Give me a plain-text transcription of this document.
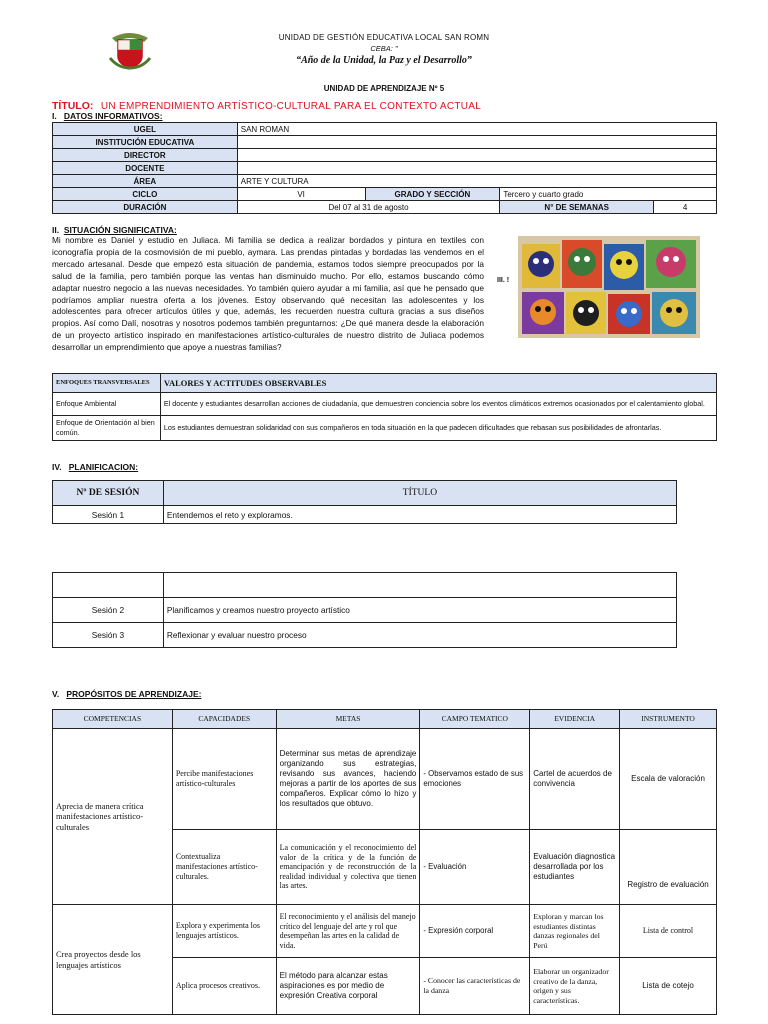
UNIDAD DE GESTIÓN EDUCATIVA LOCAL SAN ROMN
CEBA: "
“Año de la Unidad, la Paz y el Desarrollo”
UNIDAD DE APRENDIZAJE Nº 5
TÍTULO: UN EMPRENDIMIENTO ARTÍSTICO-CULTURAL PARA EL CONTEXTO ACTUAL
I. DATOS INFORMATIVOS:
UGEL	SAN ROMAN			
INSTITUCIÓN EDUCATIVA				
DIRECTOR				
DOCENTE				
ÁREA	ARTE Y CULTURA			
CICLO	VI	GRADO Y SECCIÓN	Tercero y cuarto grado	
DURACIÓN	Del 07 al 31 de agosto		N° DE SEMANAS	4
II. SITUACIÓN SIGNIFICATIVA:
Mi nombre es Daniel y estudio en Juliaca. Mi familia se dedica a realizar bordados y pintura en textiles con iconografía propia de la cosmovisión de mi pueblo, aymara. Las prendas pintadas y bordadas las vendemos en el mercado artesanal. Desde que empezó esta situación de pandemia, estamos todos siempre preocupados por la salud de la familia, pero también porque las ventas han disminuido mucho. Por ello, estamos buscando cómo adaptar nuestro negocio a las nuevas necesidades. Yo también quiero ayudar a mi familia, así que he pensado que podríamos ampliar nuestra oferta a los jóvenes. Estoy observando qué necesitan las adolescentes y los adolescentes para ofrecer artículos útiles y que, además, les recuerden nuestra cultura gracias a sus diseños propios. Así como Dalí, nosotras y nosotros podemos también preguntarnos: ¿De qué manera desde la elaboración de un proyecto artístico inspirado en manifestaciones artístico-culturales de nuestro distrito de Juliaca podemos desarrollar un emprendimiento que apoye a nuestras familias?
III. !
ENFOQUES TRANSVERSALES	VALORES Y ACTITUDES OBSERVABLES
Enfoque Ambiental	El docente y estudiantes desarrollan acciones de ciudadanía, que demuestren conciencia sobre los eventos climáticos extremos ocasionados por el calentamiento global.
Enfoque de Orientación al bien común.	Los estudiantes demuestran solidaridad con sus compañeros en toda situación en la que padecen dificultades que rebasan sus posibilidades de afrontarlas.
IV. PLANIFICACION:
Nº DE SESIÓN	TÍTULO
Sesión 1	Entendemos el reto y exploramos.

Sesión 2	Planificamos y creamos nuestro proyecto artístico
Sesión 3	Reflexionar y evaluar nuestro proceso
V. PROPÓSITOS DE APRENDIZAJE:
COMPETENCIAS	CAPACIDADES	METAS	CAMPO TEMATICO	EVIDENCIA	INSTRUMENTO
Aprecia de manera crítica manifestaciones artístico-culturales	Percibe manifestaciones artístico-culturales	Determinar sus metas de aprendizaje organizando sus estrategias, revisando sus avances, haciendo mejoras a partir de los aportes de sus compañeros. Explicar cómo lo hizo y los resultados que obtuvo.	- Observamos estado de sus emociones	Cartel de acuerdos de convivencia	Escala de valoración
	Contextualiza manifestaciones artístico-culturales.	La comunicación y el reconocimiento del valor de la crítica y de la función de emancipación y de reconstrucción de la realidad individual y colectiva que tienen las artes.	- Evaluación	Evaluación diagnostica desarrollada por los estudiantes	Registro de evaluación
Crea proyectos desde los lenguajes artísticos	Explora y experimenta los lenguajes artísticos.	El reconocimiento y el análisis del manejo crítico del lenguaje del arte y rol que desempeñan las artes en la calidad de vida.	- Expresión corporal	Exploran y marcan los estudiantes distintas danzas regionales del Perú	Lista de control
	Aplica procesos creativos.	El método para alcanzar estas aspiraciones es por medio de expresión Creativa corporal	- Conocer las características de la danza	Elaborar un organizador creativo de la danza, origen y sus características.	Lista de cotejo
